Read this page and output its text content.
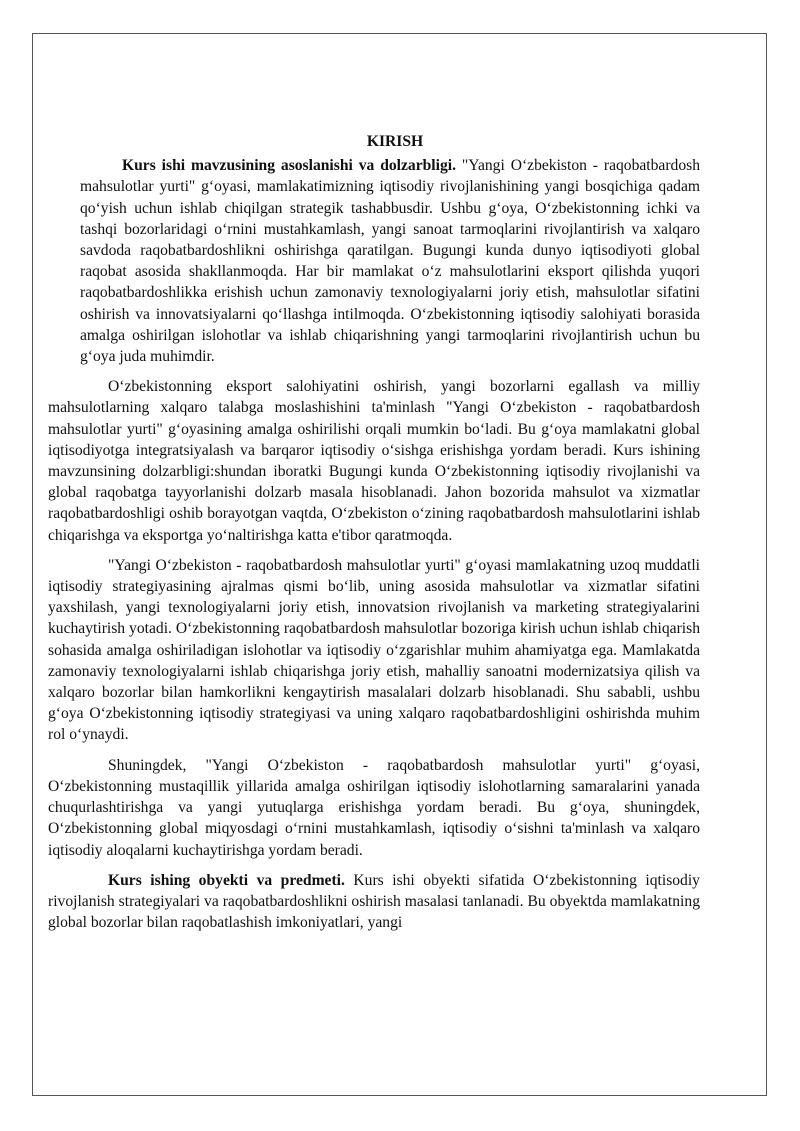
KIRISH

Kurs ishi mavzusining asoslanishi va dolzarbligi. "Yangi O‘zbekiston - raqobatbardosh mahsulotlar yurti" g‘oyasi, mamlakatimizning iqtisodiy rivojlanishining yangi bosqichiga qadam qo‘yish uchun ishlab chiqilgan strategik tashabbusdir. Ushbu g‘oya, O‘zbekistonning ichki va tashqi bozorlaridagi o‘rnini mustahkamlash, yangi sanoat tarmoqlarini rivojlantirish va xalqaro savdoda raqobatbardoshlikni oshirishga qaratilgan. Bugungi kunda dunyo iqtisodiyoti global raqobat asosida shakllanmoqda. Har bir mamlakat o‘z mahsulotlarini eksport qilishda yuqori raqobatbardoshlikka erishish uchun zamonaviy texnologiyalarni joriy etish, mahsulotlar sifatini oshirish va innovatsiyalarni qo‘llashga intilmoqda. O‘zbekistonning iqtisodiy salohiyati borasida amalga oshirilgan islohotlar va ishlab chiqarishning yangi tarmoqlarini rivojlantirish uchun bu g‘oya juda muhimdir.

O‘zbekistonning eksport salohiyatini oshirish, yangi bozorlarni egallash va milliy mahsulotlarning xalqaro talabga moslashishini ta'minlash "Yangi O‘zbekiston - raqobatbardosh mahsulotlar yurti" g‘oyasining amalga oshirilishi orqali mumkin bo‘ladi. Bu g‘oya mamlakatni global iqtisodiyotga integratsiyalash va barqaror iqtisodiy o‘sishga erishishga yordam beradi. Kurs ishining mavzunsining dolzarbligi:shundan iboratki Bugungi kunda O‘zbekistonning iqtisodiy rivojlanishi va global raqobatga tayyorlanishi dolzarb masala hisoblanadi. Jahon bozorida mahsulot va xizmatlar raqobatbardoshligi oshib borayotgan vaqtda, O‘zbekiston o‘zining raqobatbardosh mahsulotlarini ishlab chiqarishga va eksportga yo‘naltirishga katta e'tibor qaratmoqda.

"Yangi O‘zbekiston - raqobatbardosh mahsulotlar yurti" g‘oyasi mamlakatning uzoq muddatli iqtisodiy strategiyasining ajralmas qismi bo‘lib, uning asosida mahsulotlar va xizmatlar sifatini yaxshilash, yangi texnologiyalarni joriy etish, innovatsion rivojlanish va marketing strategiyalarini kuchaytirish yotadi. O‘zbekistonning raqobatbardosh mahsulotlar bozoriga kirish uchun ishlab chiqarish sohasida amalga oshiriladigan islohotlar va iqtisodiy o‘zgarishlar muhim ahamiyatga ega. Mamlakatda zamonaviy texnologiyalarni ishlab chiqarishga joriy etish, mahalliy sanoatni modernizatsiya qilish va xalqaro bozorlar bilan hamkorlikni kengaytirish masalalari dolzarb hisoblanadi. Shu sababli, ushbu g‘oya O‘zbekistonning iqtisodiy strategiyasi va uning xalqaro raqobatbardoshligini oshirishda muhim rol o‘ynaydi.

Shuningdek, "Yangi O‘zbekiston - raqobatbardosh mahsulotlar yurti" g‘oyasi, O‘zbekistonning mustaqillik yillarida amalga oshirilgan iqtisodiy islohotlarning samaralarini yanada chuqurlashtirishga va yangi yutuqlarga erishishga yordam beradi. Bu g‘oya, shuningdek, O‘zbekistonning global miqyosdagi o‘rnini mustahkamlash, iqtisodiy o‘sishni ta'minlash va xalqaro iqtisodiy aloqalarni kuchaytirishga yordam beradi.

Kurs ishing obyekti va predmeti. Kurs ishi obyekti sifatida O‘zbekistonning iqtisodiy rivojlanish strategiyalari va raqobatbardoshlikni oshirish masalasi tanlanadi. Bu obyektda mamlakatning global bozorlar bilan raqobatlashish imkoniyatlari, yangi
